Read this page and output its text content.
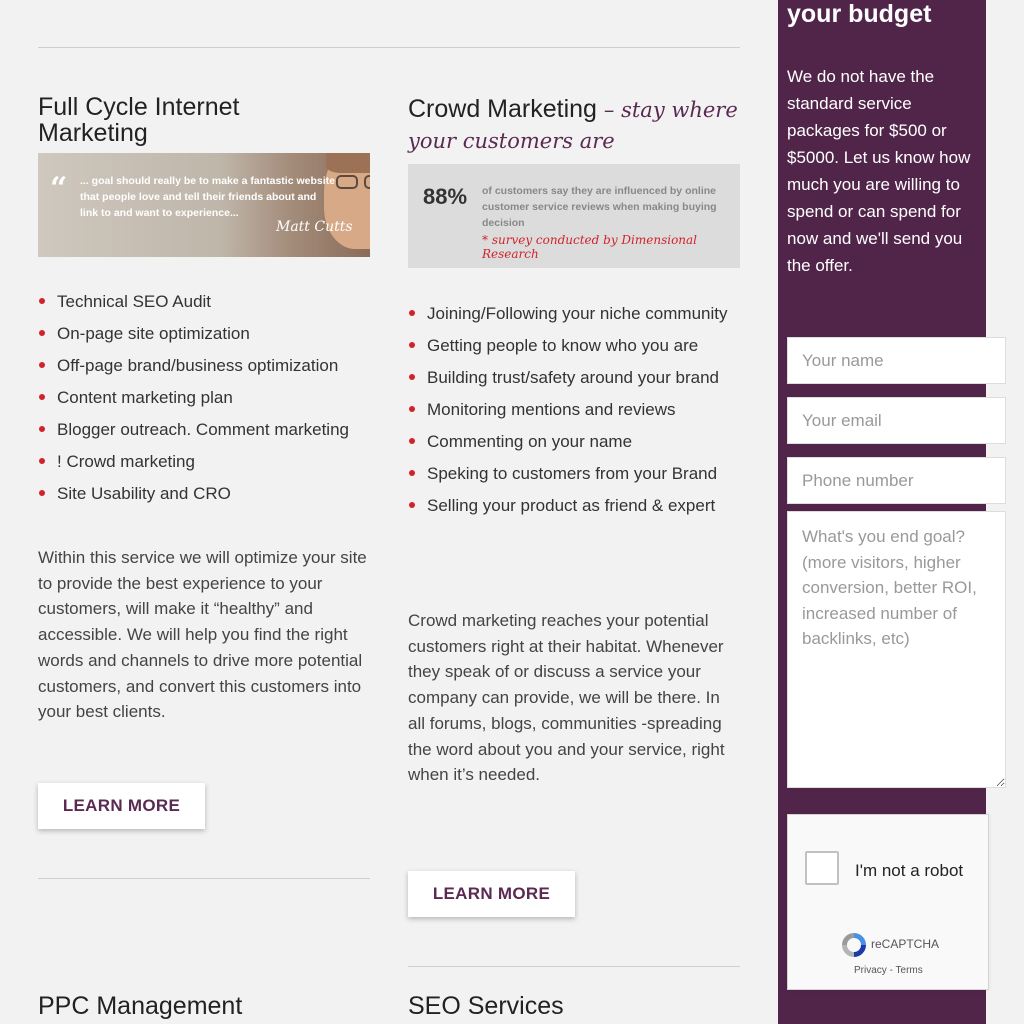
Full Cycle Internet Marketing
“ ... goal should really be to make a fantastic website that people love and tell their friends about and link to and want to experience...
Matt Cutts
Technical SEO Audit
On-page site optimization
Off-page brand/business optimization
Content marketing plan
Blogger outreach. Comment marketing
! Crowd marketing
Site Usability and CRO

Within this service we will optimize your site to provide the best experience to your customers, will make it “healthy” and accessible. We will help you find the right words and channels to drive more potential customers, and convert this customers into your best clients.

LEARN MORE
PPC Management
Crowd Marketing – stay where your customers are
88% of customers say they are influenced by online customer service reviews when making buying decision
* survey conducted by Dimensional Research
Joining/Following your niche community
Getting people to know who you are
Building trust/safety around your brand
Monitoring mentions and reviews
Commenting on your name
Speking to customers from your Brand
Selling your product as friend & expert

Crowd marketing reaches your potential customers right at their habitat. Whenever they speak of or discuss a service your company can provide, we will be there. In all forums, blogs, communities -spreading the word about you and your service, right when it’s needed.

LEARN MORE
SEO Services
your budget

We do not have the standard service packages for $500 or $5000. Let us know how much you are willing to spend or can spend for now and we'll send you the offer.

Your name
Your email
Phone number
What's you end goal? (more visitors, higher conversion, better ROI, increased number of backlinks, etc)
I'm not a robot
reCAPTCHA
Privacy - Terms
